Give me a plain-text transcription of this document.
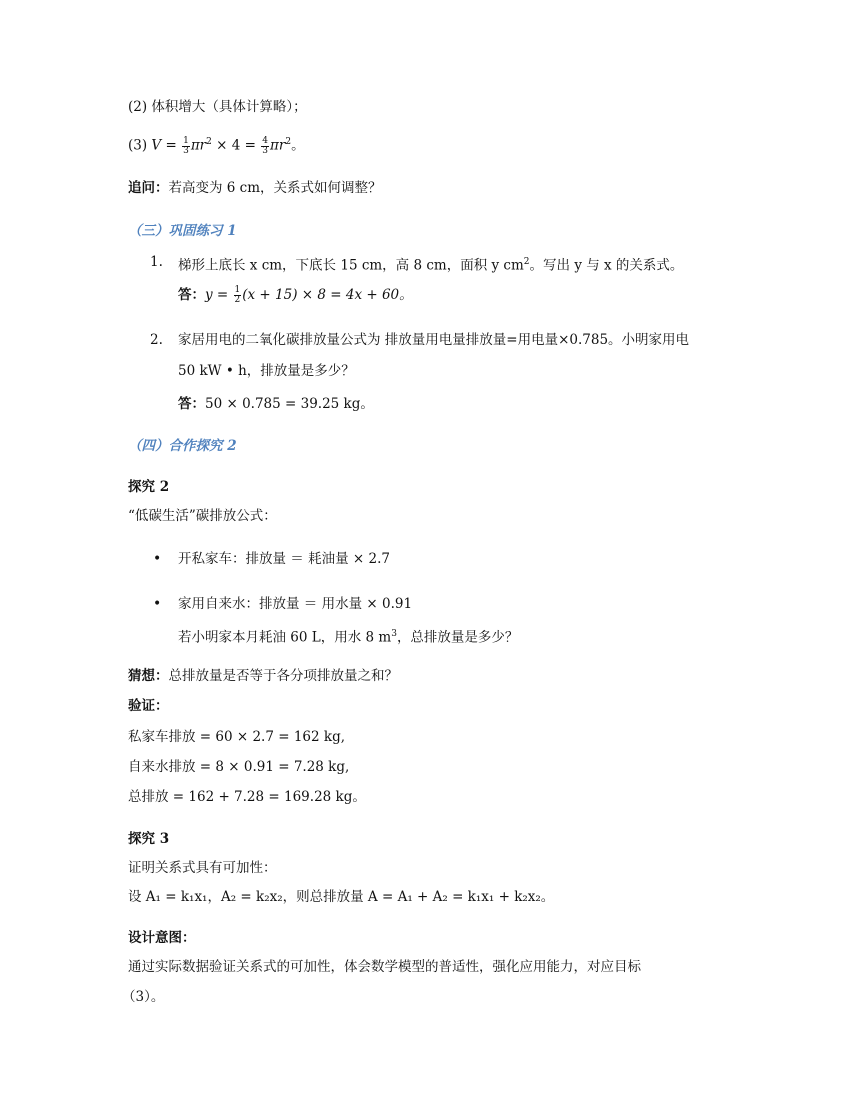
(2) 体积增大（具体计算略）；
(3) $V = \frac{1}{3} \pi r^2 \times 4 = \frac{4}{3} \pi r^2$。
追问：若高变为 6 cm，关系式如何调整？
（三）巩固练习 1
1. 梯形上底长 x cm，下底长 15 cm，高 8 cm，面积 y $cm^2$。写出 y 与 x 的关系式。
答：$y = \frac{1}{2} (x + 15) \times 8 = 4x + 60$。
2. 家居用电的二氧化碳排放量公式为 排放量用电量排放量=用电量×0.785。小明家用电
50 kW • h，排放量是多少？
答：50 × 0.785 = 39.25 kg。
（四）合作探究 2
探究 2
“低碳生活”碳排放公式：
• 开私家车：排放量 ＝ 耗油量 × 2.7
• 家用自来水：排放量 ＝ 用水量 × 0.91
若小明家本月耗油 60 L，用水 8 $m^3$，总排放量是多少？
猜想：总排放量是否等于各分项排放量之和？
验证：
私家车排放 = 60 × 2.7 = 162 kg,
自来水排放 = 8 × 0.91 = 7.28 kg,
总排放 = 162 + 7.28 = 169.28 kg。
探究 3
证明关系式具有可加性：
设 A₁ = k₁x₁，A₂ = k₂x₂，则总排放量 A = A₁ + A₂ = k₁x₁ + k₂x₂。
设计意图：
通过实际数据验证关系式的可加性，体会数学模型的普适性，强化应用能力，对应目标
（3）。
